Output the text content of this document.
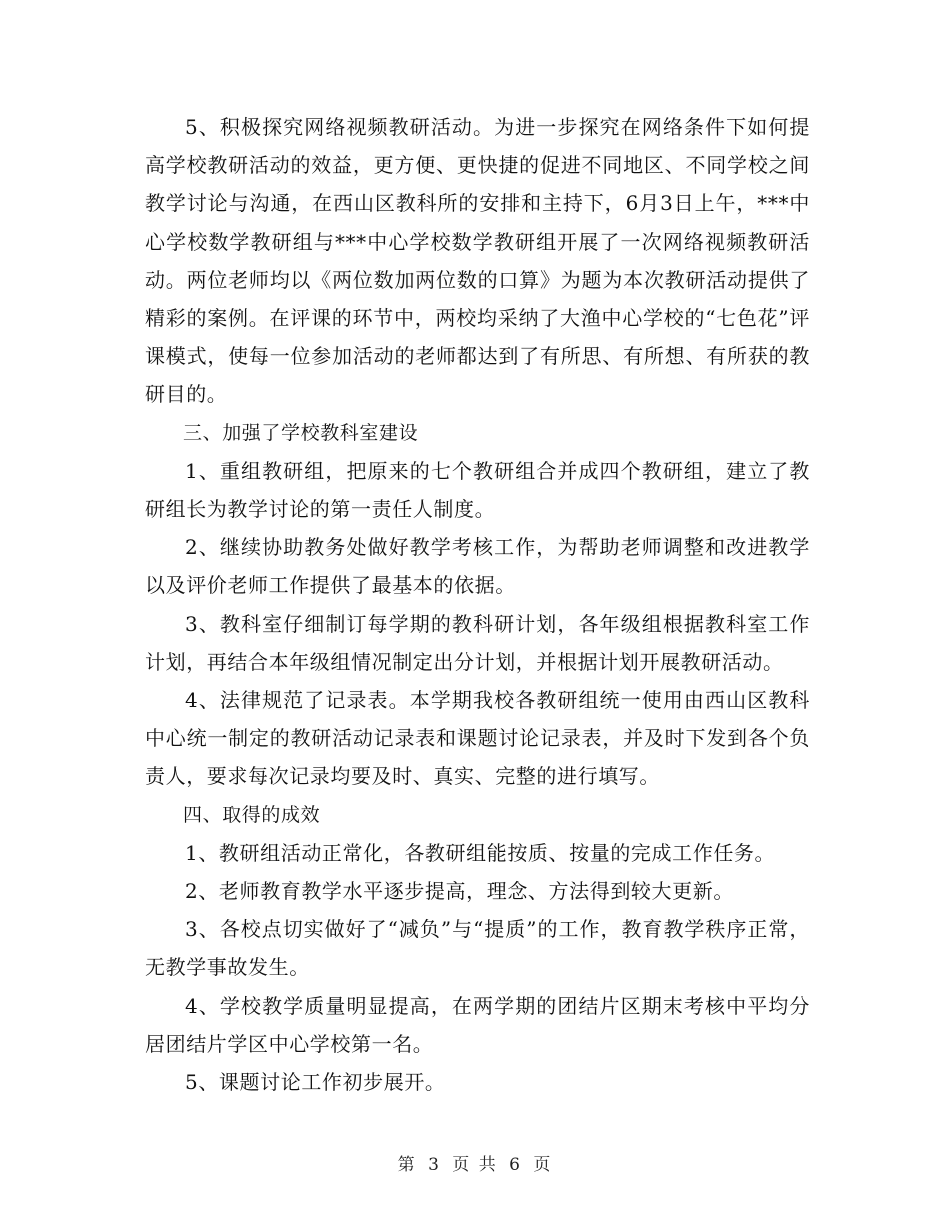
5、积极探究网络视频教研活动。为进一步探究在网络条件下如何提高学校教研活动的效益，更方便、更快捷的促进不同地区、不同学校之间教学讨论与沟通，在西山区教科所的安排和主持下，6月3日上午，***中心学校数学教研组与***中心学校数学教研组开展了一次网络视频教研活动。两位老师均以《两位数加两位数的口算》为题为本次教研活动提供了精彩的案例。在评课的环节中，两校均采纳了大渔中心学校的“七色花”评课模式，使每一位参加活动的老师都达到了有所思、有所想、有所获的教研目的。

三、加强了学校教科室建设

1、重组教研组，把原来的七个教研组合并成四个教研组，建立了教研组长为教学讨论的第一责任人制度。

2、继续协助教务处做好教学考核工作，为帮助老师调整和改进教学以及评价老师工作提供了最基本的依据。

3、教科室仔细制订每学期的教科研计划，各年级组根据教科室工作计划，再结合本年级组情况制定出分计划，并根据计划开展教研活动。

4、法律规范了记录表。本学期我校各教研组统一使用由西山区教科中心统一制定的教研活动记录表和课题讨论记录表，并及时下发到各个负责人，要求每次记录均要及时、真实、完整的进行填写。

四、取得的成效

1、教研组活动正常化，各教研组能按质、按量的完成工作任务。

2、老师教育教学水平逐步提高，理念、方法得到较大更新。

3、各校点切实做好了“减负”与“提质”的工作，教育教学秩序正常，无教学事故发生。

4、学校教学质量明显提高，在两学期的团结片区期末考核中平均分居团结片学区中心学校第一名。

5、课题讨论工作初步展开。

第 3 页 共 6 页
